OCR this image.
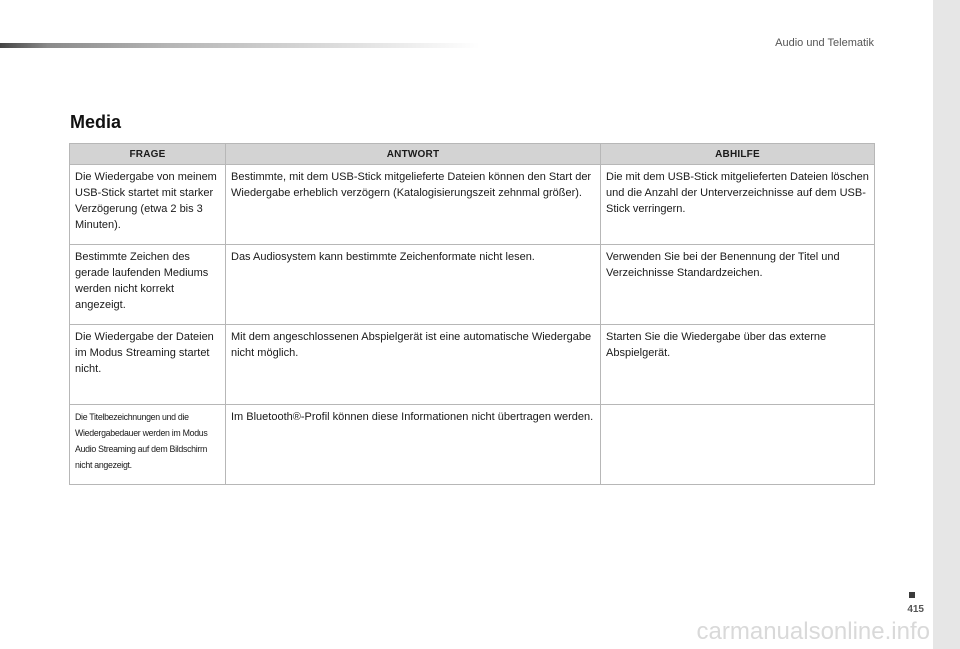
Audio und Telematik
Media
FRAGE	ANTWORT	ABHILFE
Die Wiedergabe von meinem USB-Stick startet mit starker Verzögerung (etwa 2 bis 3 Minuten).	Bestimmte, mit dem USB-Stick mitgelieferte Dateien können den Start der Wiedergabe erheblich verzögern (Katalogisierungszeit zehnmal größer).	Die mit dem USB-Stick mitgelieferten Dateien löschen und die Anzahl der Unterverzeichnisse auf dem USB-Stick verringern.
Bestimmte Zeichen des gerade laufenden Mediums werden nicht korrekt angezeigt.	Das Audiosystem kann bestimmte Zeichenformate nicht lesen.	Verwenden Sie bei der Benennung der Titel und Verzeichnisse Standardzeichen.
Die Wiedergabe der Dateien im Modus Streaming startet nicht.	Mit dem angeschlossenen Abspielgerät ist eine automatische Wiedergabe nicht möglich.	Starten Sie die Wiedergabe über das externe Abspielgerät.
Die Titelbezeichnungen und die Wiedergabedauer werden im Modus Audio Streaming auf dem Bildschirm nicht angezeigt.	Im Bluetooth®-Profil können diese Informationen nicht übertragen werden.	
415
carmanualsonline.info
